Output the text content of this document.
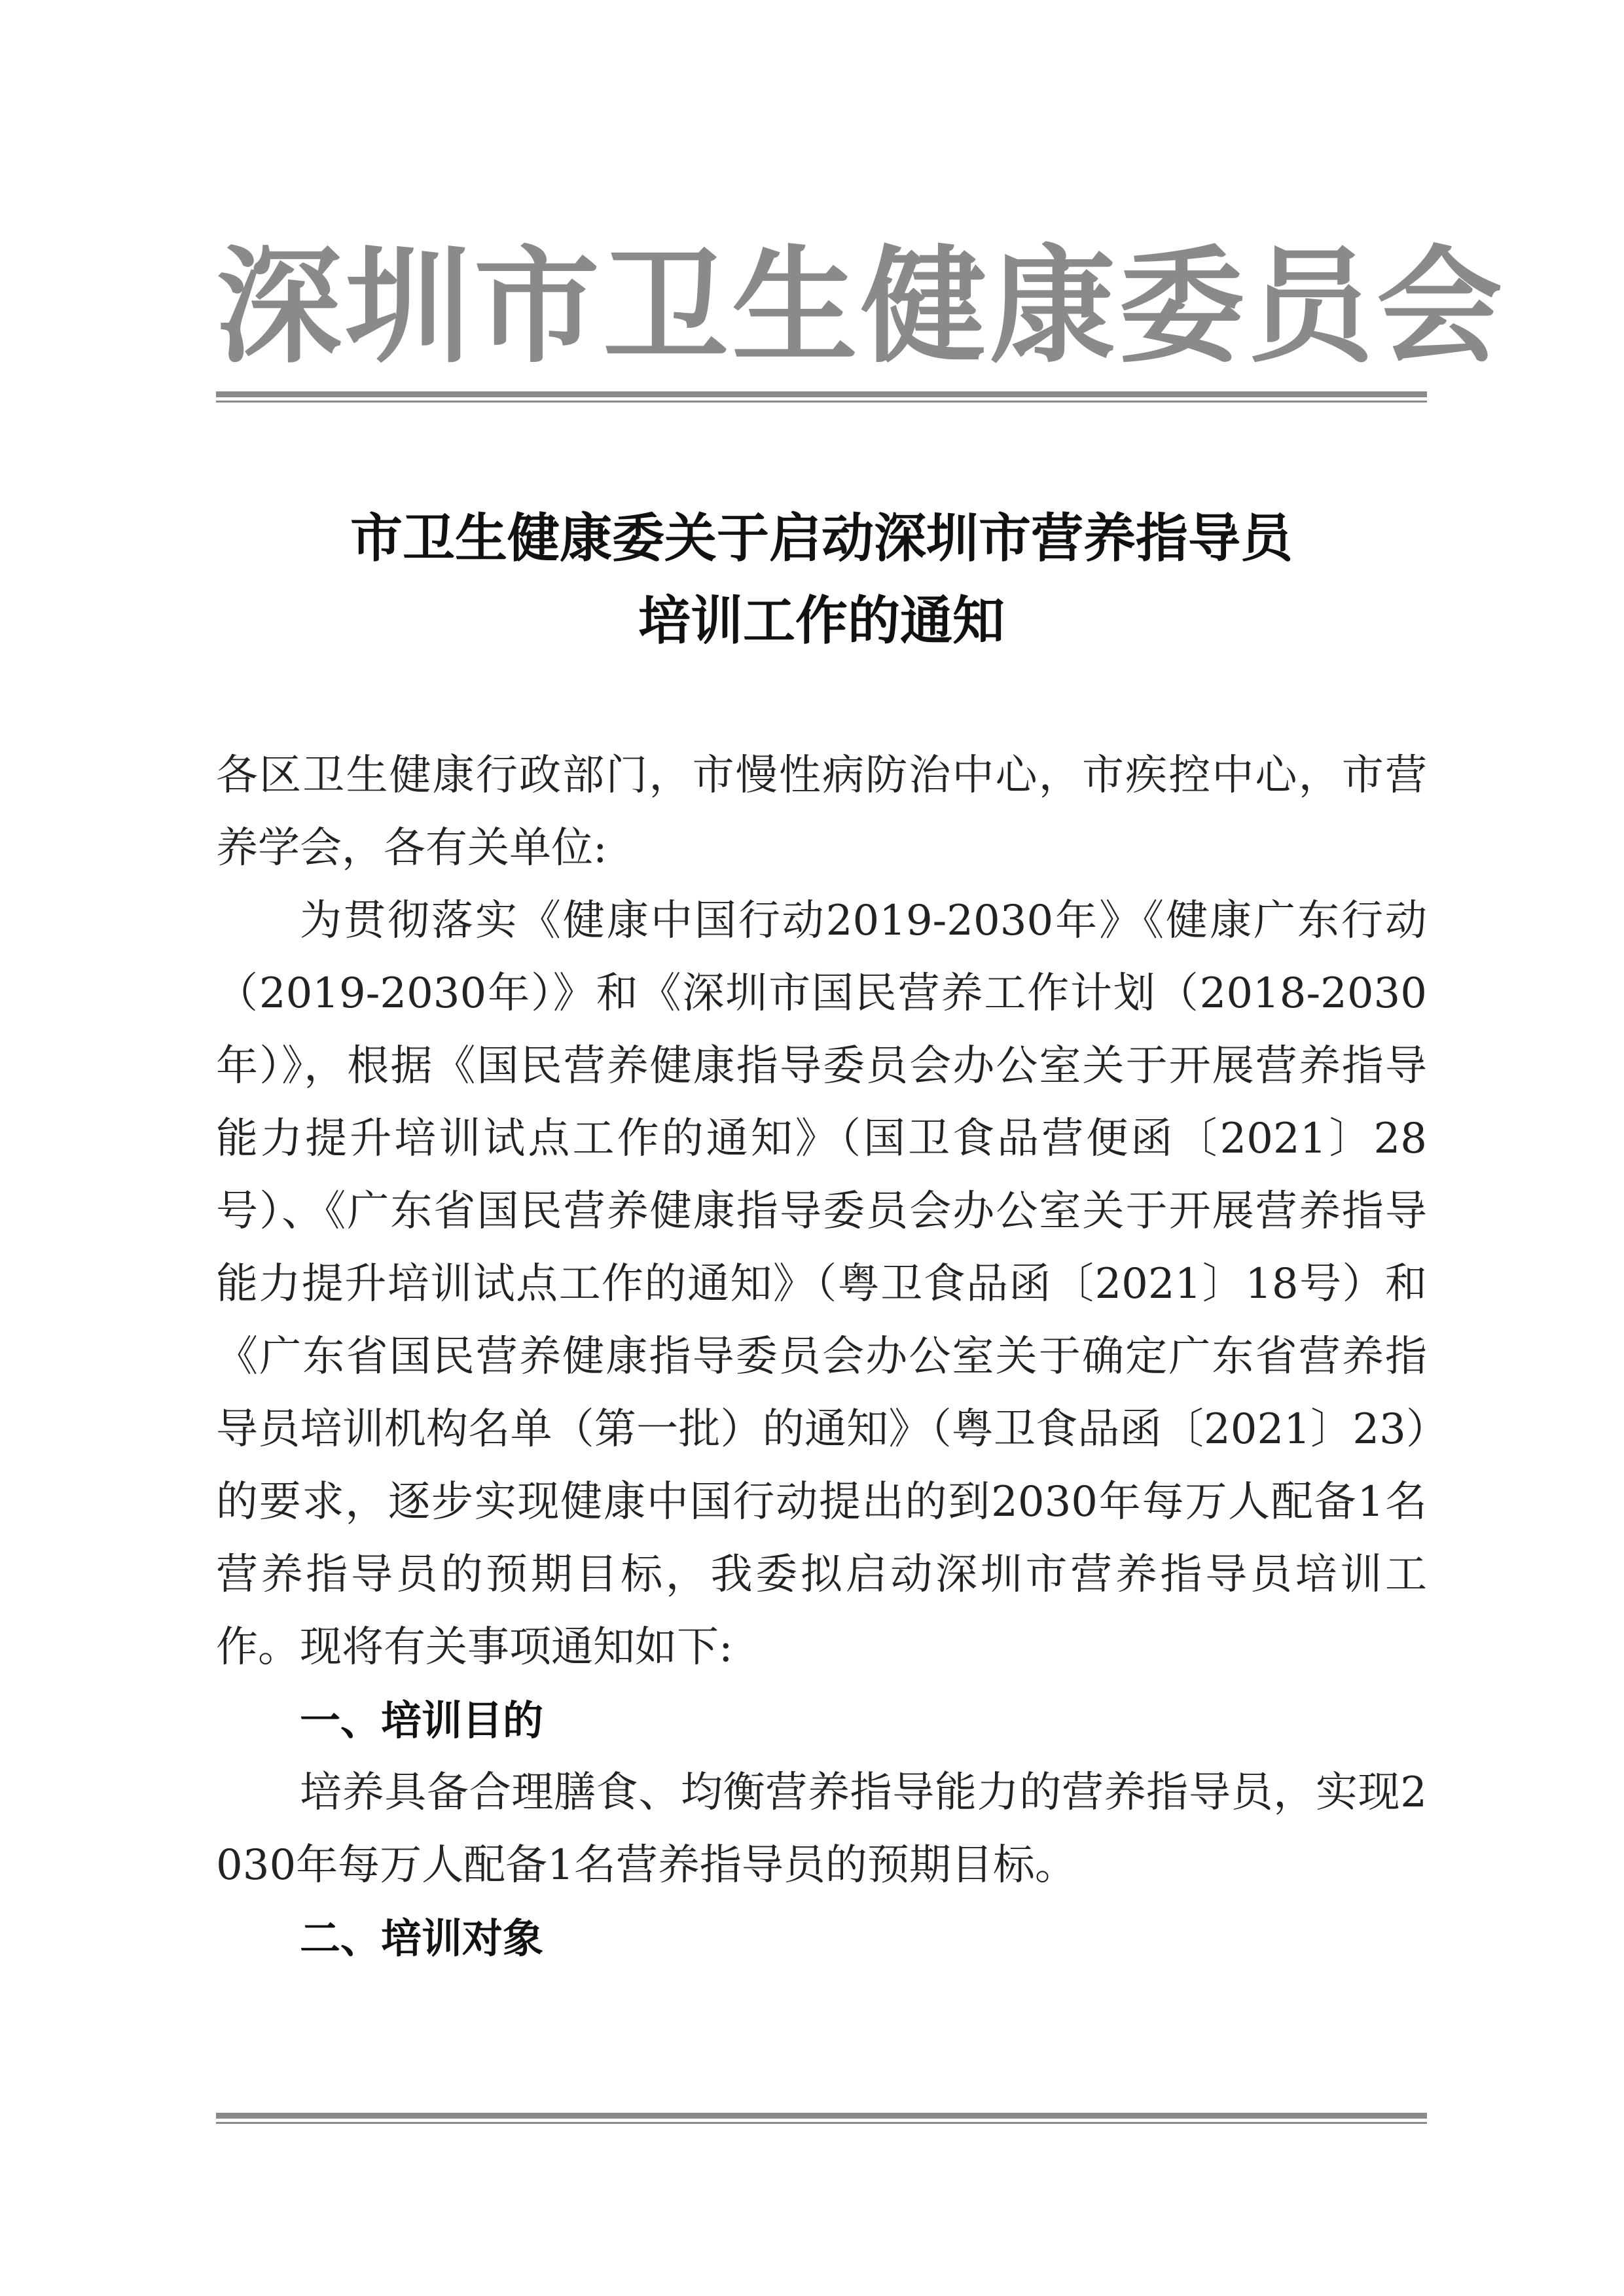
深圳市卫生健康委员会
市卫生健康委关于启动深圳市营养指导员
培训工作的通知

各区卫生健康行政部门，市慢性病防治中心，市疾控中心，市营养学会，各有关单位:

为贯彻落实《健康中国行动2019-2030年》《健康广东行动（2019-2030年）》和《深圳市国民营养工作计划（2018-2030年）》，根据《国民营养健康指导委员会办公室关于开展营养指导能力提升培训试点工作的通知》（国卫食品营便函〔2021〕28号）、《广东省国民营养健康指导委员会办公室关于开展营养指导能力提升培训试点工作的通知》（粤卫食品函〔2021〕18号）和《广东省国民营养健康指导委员会办公室关于确定广东省营养指导员培训机构名单（第一批）的通知》（粤卫食品函〔2021〕23）的要求，逐步实现健康中国行动提出的到2030年每万人配备1名营养指导员的预期目标，我委拟启动深圳市营养指导员培训工作。现将有关事项通知如下:

一、培训目的

培养具备合理膳食、均衡营养指导能力的营养指导员，实现2030年每万人配备1名营养指导员的预期目标。

二、培训对象
